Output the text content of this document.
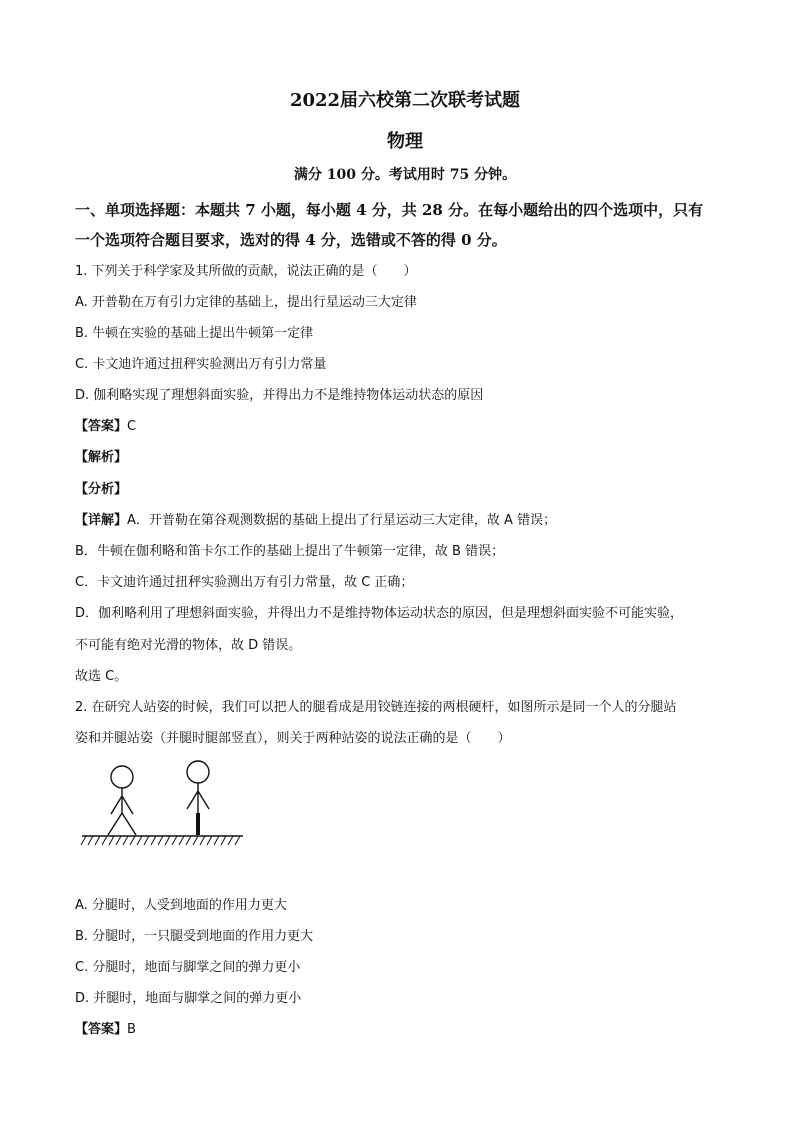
2022届六校第二次联考试题
物理
满分 100 分。考试用时 75 分钟。
一、单项选择题：本题共 7 小题，每小题 4 分，共 28 分。在每小题给出的四个选项中，只有
一个选项符合题目要求，选对的得 4 分，选错或不答的得 0 分。
1. 下列关于科学家及其所做的贡献，说法正确的是（　　）
A. 开普勒在万有引力定律的基础上，提出行星运动三大定律
B. 牛顿在实验的基础上提出牛顿第一定律
C. 卡文迪许通过扭秤实验测出万有引力常量
D. 伽利略实现了理想斜面实验，并得出力不是维持物体运动状态的原因
【答案】C
【解析】
【分析】
【详解】A．开普勒在第谷观测数据的基础上提出了行星运动三大定律，故 A 错误；
B．牛顿在伽利略和笛卡尔工作的基础上提出了牛顿第一定律，故 B 错误；
C．卡文迪许通过扭秤实验测出万有引力常量，故 C 正确；
D．伽利略利用了理想斜面实验，并得出力不是维持物体运动状态的原因，但是理想斜面实验不可能实验，
不可能有绝对光滑的物体，故 D 错误。
故选 C。
2. 在研究人站姿的时候，我们可以把人的腿看成是用铰链连接的两根硬杆，如图所示是同一个人的分腿站
姿和并腿站姿（并腿时腿部竖直），则关于两种站姿的说法正确的是（　　）
A. 分腿时，人受到地面的作用力更大
B. 分腿时，一只腿受到地面的作用力更大
C. 分腿时，地面与脚掌之间的弹力更小
D. 并腿时，地面与脚掌之间的弹力更小
【答案】B
